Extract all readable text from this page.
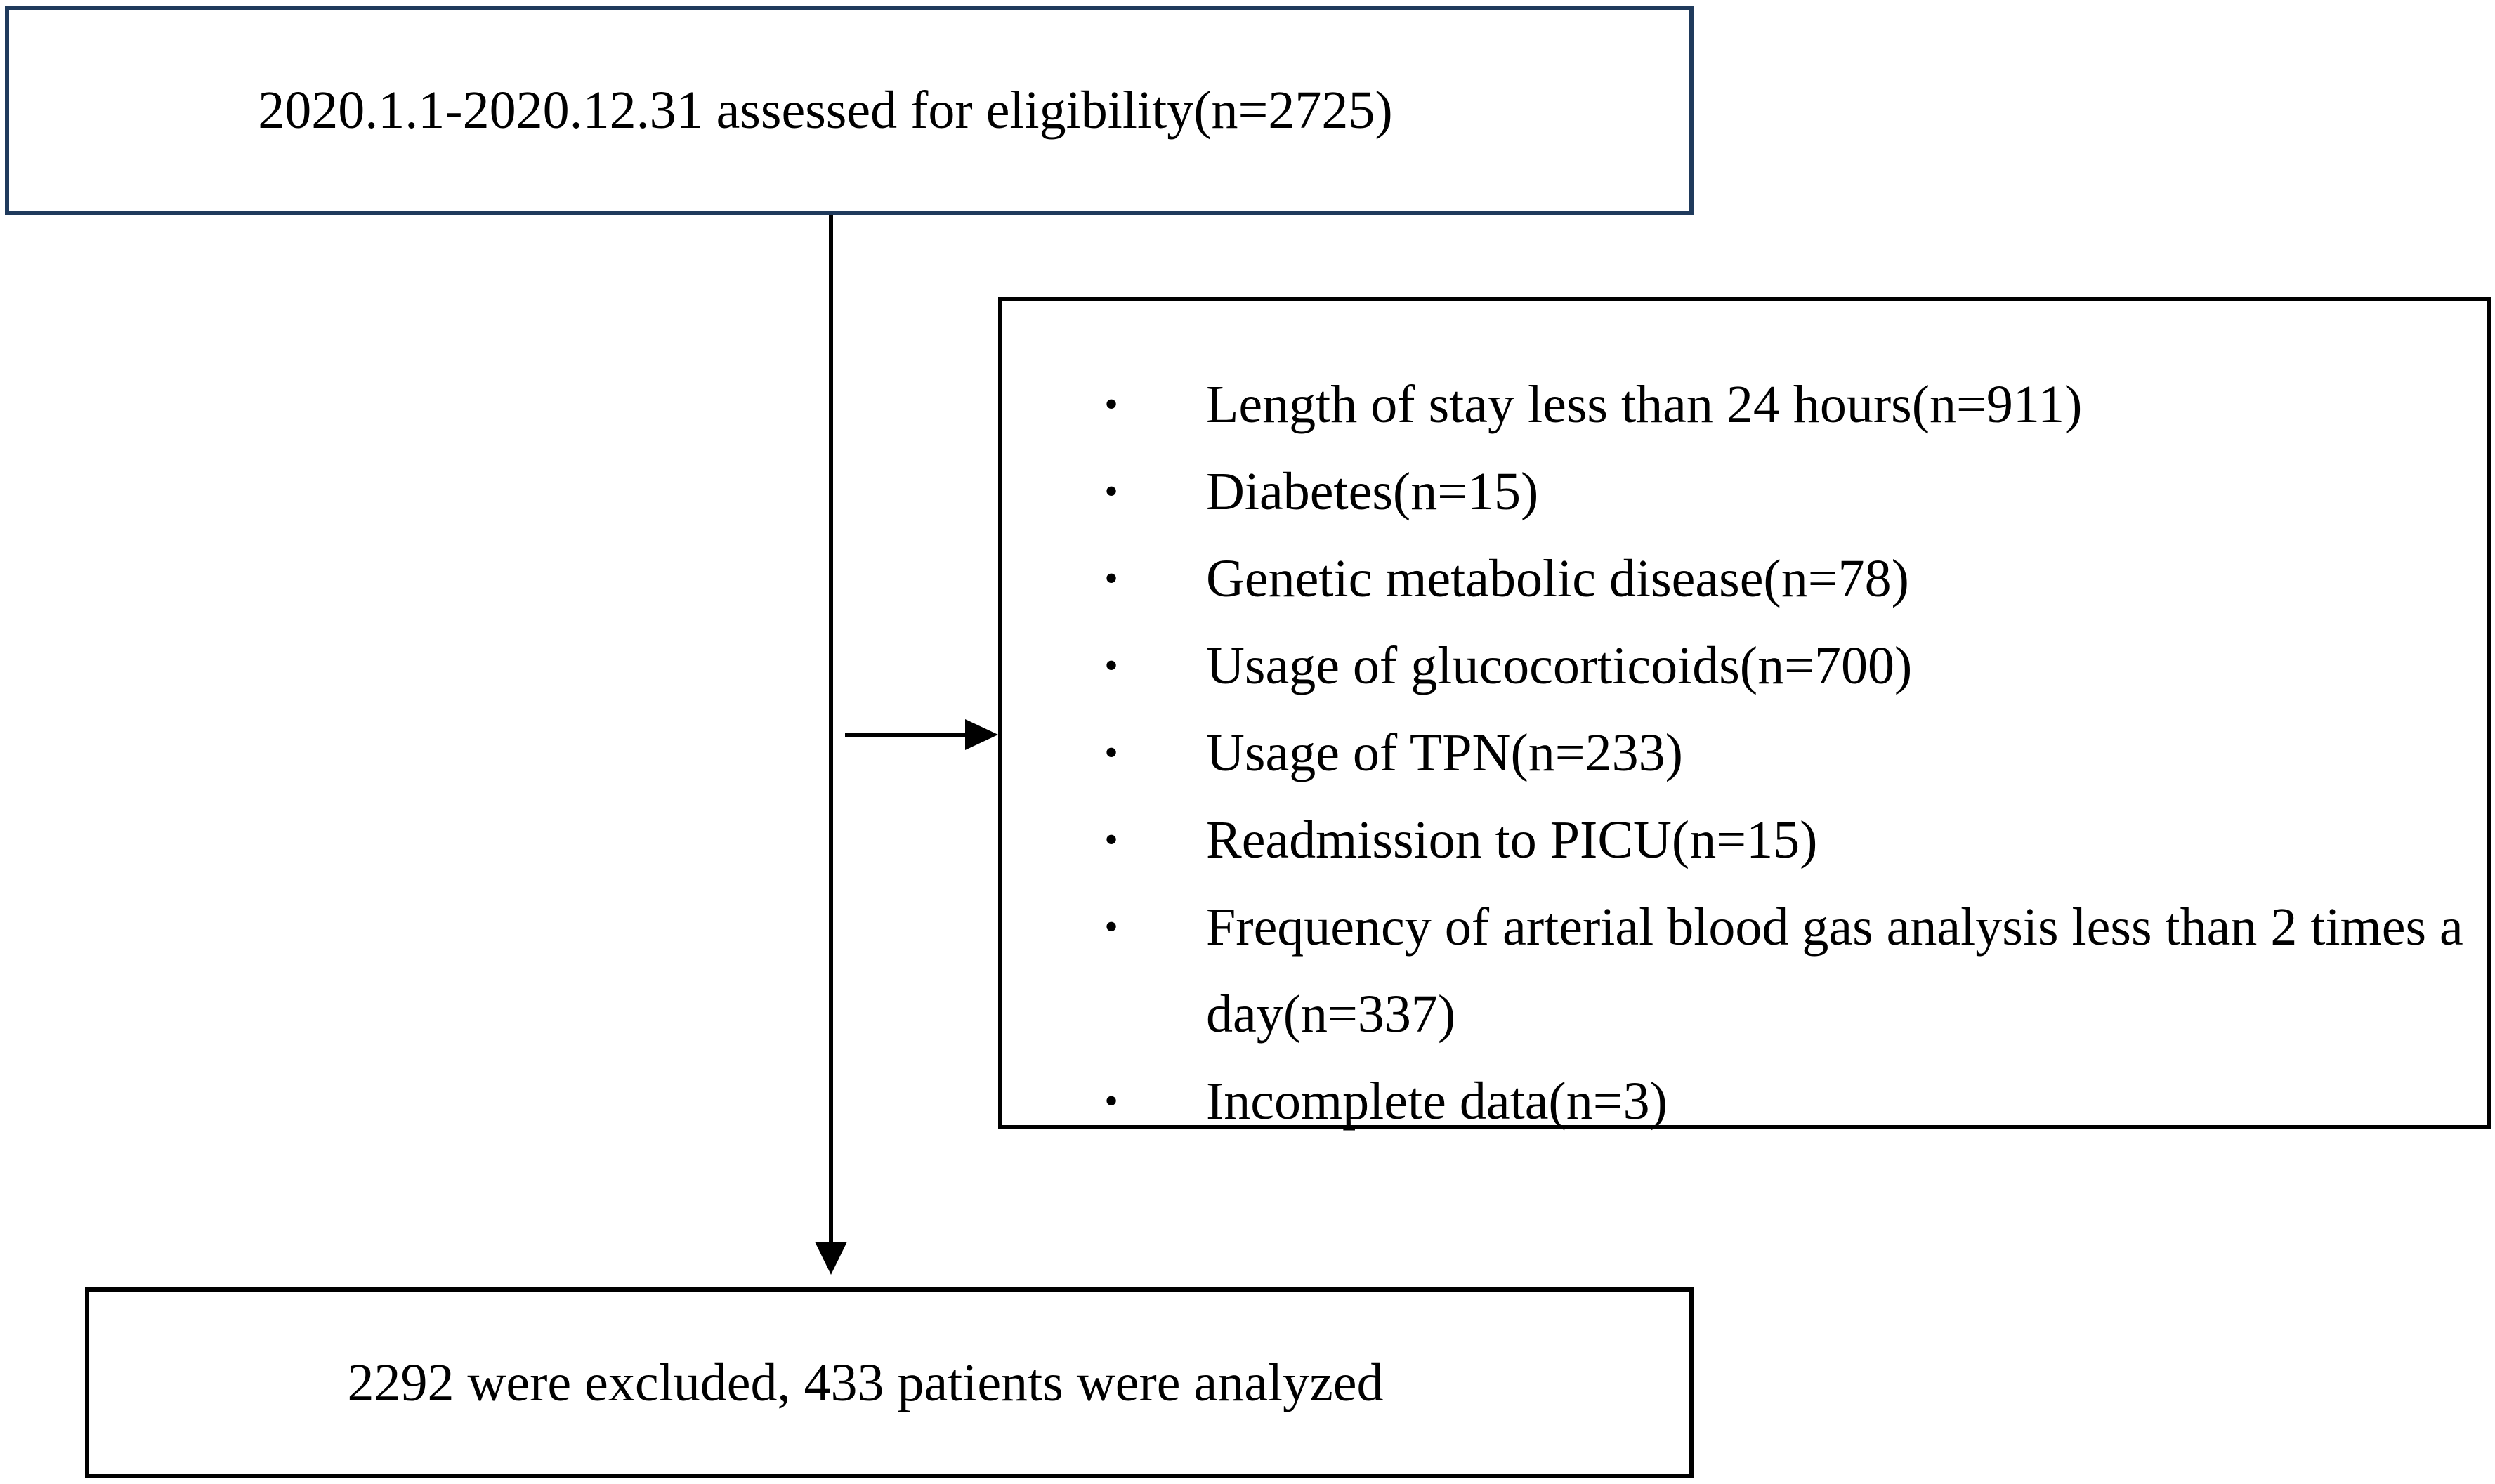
2020.1.1-2020.12.31 assessed for eligibility(n=2725)
• Length of stay less than 24 hours(n=911)
• Diabetes(n=15)
• Genetic metabolic disease(n=78)
• Usage of glucocorticoids(n=700)
• Usage of TPN(n=233)
• Readmission to PICU(n=15)
• Frequency of arterial blood gas analysis less than 2 times a day(n=337)
• Incomplete data(n=3)
2292 were excluded, 433 patients were analyzed
